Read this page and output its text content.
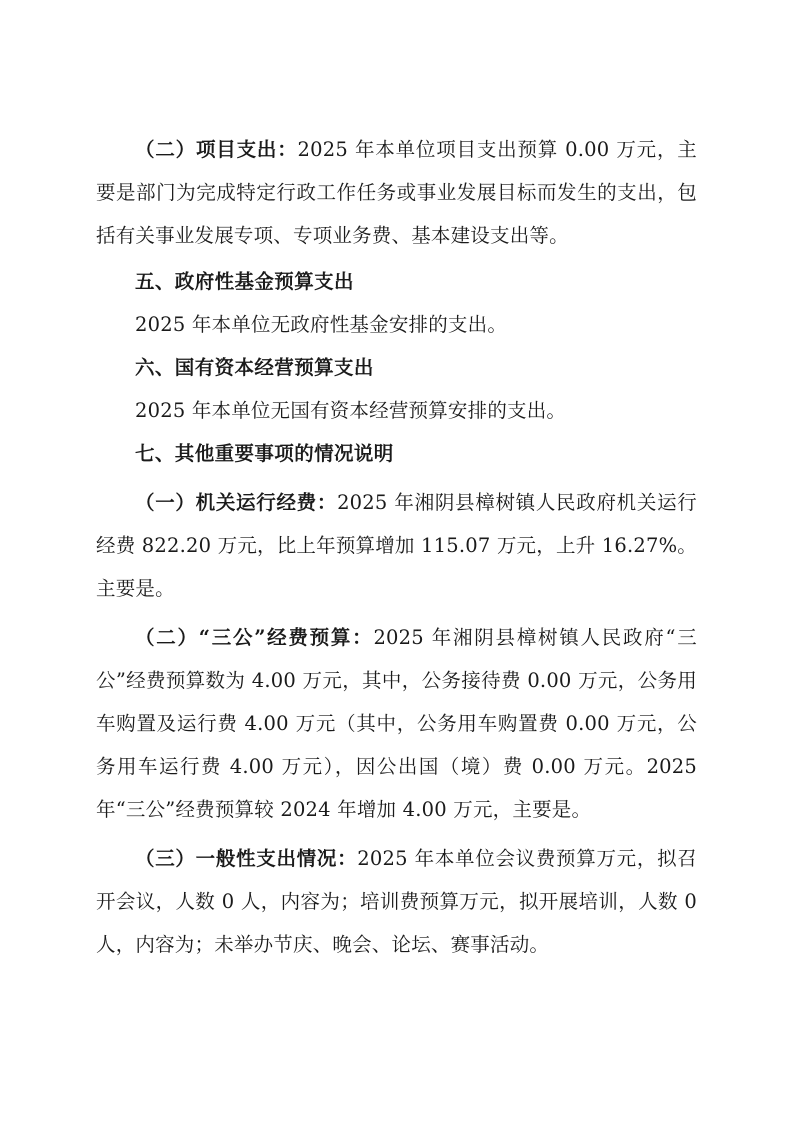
（二）项目支出：2025 年本单位项目支出预算 0.00 万元，主要是部门为完成特定行政工作任务或事业发展目标而发生的支出，包括有关事业发展专项、专项业务费、基本建设支出等。

五、政府性基金预算支出

2025 年本单位无政府性基金安排的支出。

六、国有资本经营预算支出

2025 年本单位无国有资本经营预算安排的支出。

七、其他重要事项的情况说明

（一）机关运行经费：2025 年湘阴县樟树镇人民政府机关运行经费 822.20 万元，比上年预算增加 115.07 万元，上升 16.27%。主要是。

（二）“三公”经费预算：2025 年湘阴县樟树镇人民政府“三公”经费预算数为 4.00 万元，其中，公务接待费 0.00 万元，公务用车购置及运行费 4.00 万元（其中，公务用车购置费 0.00 万元，公务用车运行费 4.00 万元），因公出国（境）费 0.00 万元。2025 年“三公”经费预算较 2024 年增加 4.00 万元，主要是。

（三）一般性支出情况：2025 年本单位会议费预算万元，拟召开会议，人数 0 人，内容为；培训费预算万元，拟开展培训，人数 0 人，内容为；未举办节庆、晚会、论坛、赛事活动。
